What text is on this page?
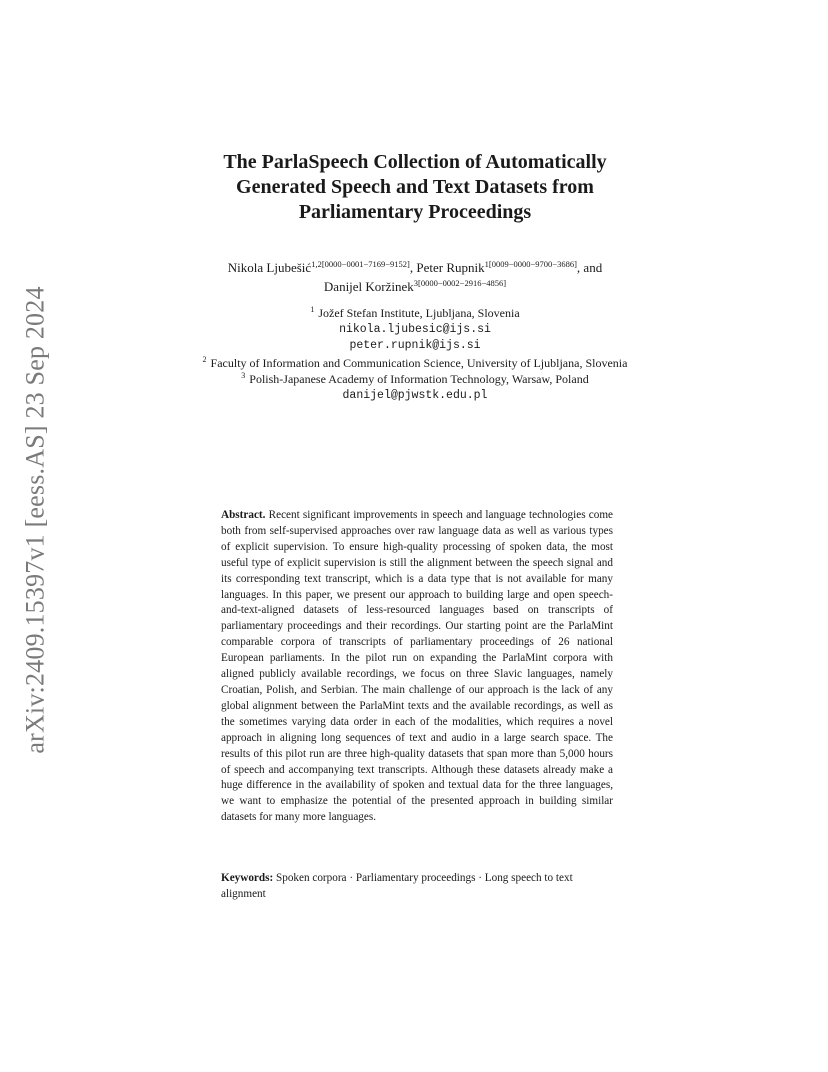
arXiv:2409.15397v1 [eess.AS] 23 Sep 2024
The ParlaSpeech Collection of Automatically
Generated Speech and Text Datasets from
Parliamentary Proceedings
Nikola Ljubešić$^{1,2[0000-0001-7169-9152]}$, Peter Rupnik$^{1[0009-0000-9700-3686]}$, and
Danijel Koržinek$^{3[0000-0002-2916-4856]}$
$^1$ Jožef Stefan Institute, Ljubljana, Slovenia
nikola.ljubesic@ijs.si
peter.rupnik@ijs.si
$^2$ Faculty of Information and Communication Science, University of Ljubljana, Slovenia
$^3$ Polish-Japanese Academy of Information Technology, Warsaw, Poland
danijel@pjwstk.edu.pl
Abstract. Recent significant improvements in speech and language technologies come both from self-supervised approaches over raw language data as well as various types of explicit supervision. To ensure high-quality processing of spoken data, the most useful type of explicit supervision is still the alignment between the speech signal and its corresponding text transcript, which is a data type that is not available for many languages. In this paper, we present our approach to building large and open speech-and-text-aligned datasets of less-resourced languages based on transcripts of parliamentary proceedings and their recordings. Our starting point are the ParlaMint comparable corpora of transcripts of parliamentary proceedings of 26 national European parliaments. In the pilot run on expanding the ParlaMint corpora with aligned publicly available recordings, we focus on three Slavic languages, namely Croatian, Polish, and Serbian. The main challenge of our approach is the lack of any global alignment between the ParlaMint texts and the available recordings, as well as the sometimes varying data order in each of the modalities, which requires a novel approach in aligning long sequences of text and audio in a large search space. The results of this pilot run are three high-quality datasets that span more than 5,000 hours of speech and accompanying text transcripts. Although these datasets already make a huge difference in the availability of spoken and textual data for the three languages, we want to emphasize the potential of the presented approach in building similar datasets for many more languages.
Keywords: Spoken corpora · Parliamentary proceedings · Long speech to text alignment
